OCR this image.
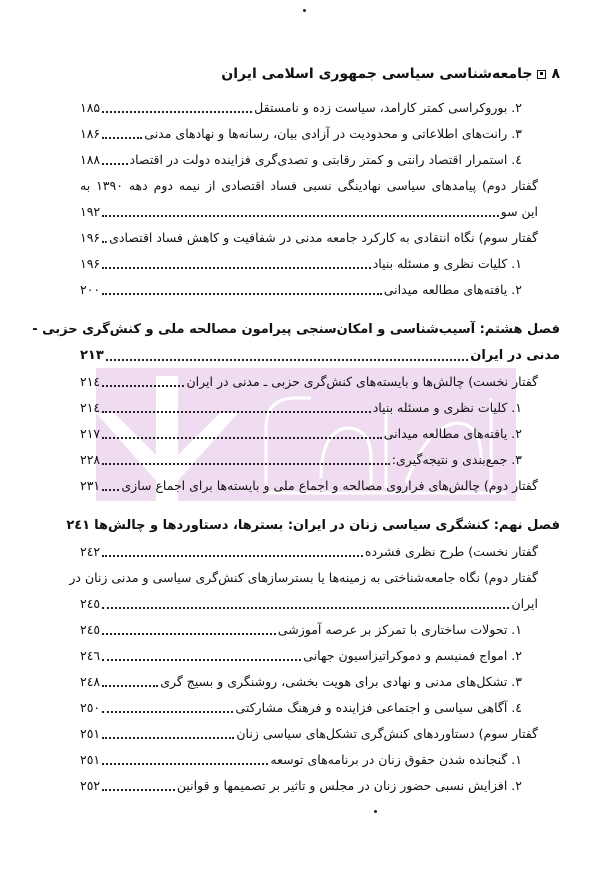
۸
جامعه‌شناسی سیاسی جمهوری اسلامی ایران
۲. بوروکراسی کمتر کارامد، سیاست زده و نامستقل
۱۸۵
۳. رانت‌های اطلاعاتی و محدودیت در آزادی بیان، رسانه‌ها و نهادهای مدنی
۱۸۶
٤. استمرار اقتصاد رانتی و کمتر رقابتی و تصدی‌گری فزاینده دولت در اقتصاد
۱۸۸
گفتار دوم) پیامدهای سیاسی نهادینگی نسبی فساد اقتصادی از نیمه دوم دهه ۱۳۹۰ به
این سو
۱۹۲
گفتار سوم) نگاه انتقادی به کارکرد جامعه مدنی در شفافیت و کاهش فساد اقتصادی
۱۹۶
۱. کلیات نظری و مسئله بنیاد
۱۹۶
۲. یافته‌های مطالعه میدانی
۲۰۰
فصل هشتم: آسیب‌شناسی و امکان‌سنجی پیرامون مصالحه ملی و کنش‌گری حزبی -
مدنی در ایران
۲۱۳
گفتار نخست) چالش‌ها و بایسته‌های کنش‌گری حزبی ـ مدنی در ایران
۲۱٤
۱. کلیات نظری و مسئله بنیاد
۲۱٤
۲. یافته‌های مطالعه میدانی
۲۱۷
۳. جمع‌بندی و نتیجه‌گیری:
۲۲۸
گفتار دوم) چالش‌های فراروی مصالحه و اجماع ملی و بایسته‌ها برای اجماع سازی
۲۳۱
فصل نهم: کنشگری سیاسی زنان در ایران: بسترها، دستاوردها و چالش‌ها
۲٤۱
گفتار نخست) طرح نظری فشرده
۲٤۲
گفتار دوم) نگاه جامعه‌شناختی به زمینه‌ها یا بسترسازهای کنش‌گری سیاسی و مدنی زنان در
ایران
۲٤٥
۱. تحولات ساختاری با تمرکز بر عرصه آموزشی
۲٤٥
۲. امواج فمنیسم و دموکراتیزاسیون جهانی
۲٤٦
۳. تشکل‌های مدنی و نهادی برای هویت بخشی، روشنگری و بسیج گری
۲٤۸
٤. آگاهی سیاسی و اجتماعی فزاینده و فرهنگ مشارکتی
۲٥۰
گفتار سوم) دستاوردهای کنش‌گری تشکل‌های سیاسی زنان
۲٥۱
۱. گنجانده شدن حقوق زنان در برنامه‌های توسعه
۲٥۱
۲. افزایش نسبی حضور زنان در مجلس و تاثیر بر تصمیمها و قوانین
۲٥۲
